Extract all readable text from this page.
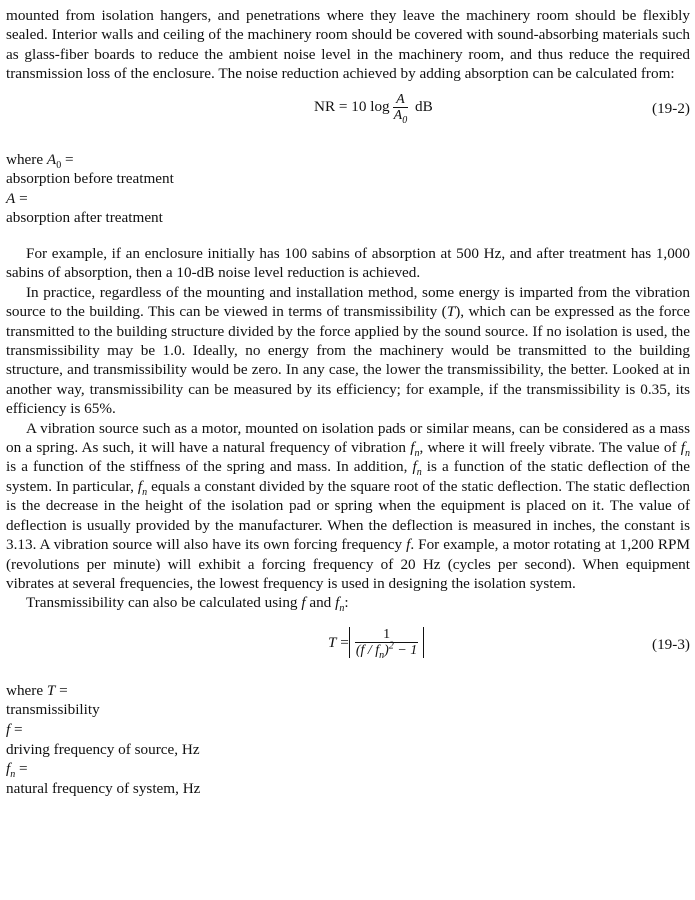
mounted from isolation hangers, and penetrations where they leave the machinery room should be flexibly sealed. Interior walls and ceiling of the machinery room should be covered with sound-absorbing materials such as glass-fiber boards to reduce the ambient noise level in the machinery room, and thus reduce the required transmission loss of the enclosure. The noise reduction achieved by adding absorption can be calculated from:

NR = 10 $\log \frac{A}{A_0}$ dB	(19-2)

where $A_0$ =

absorption before treatment

A =

absorption after treatment

For example, if an enclosure initially has 100 sabins of absorption at 500 Hz, and after treatment has 1,000 sabins of absorption, then a 10-dB noise level reduction is achieved.

In practice, regardless of the mounting and installation method, some energy is imparted from the vibration source to the building. This can be viewed in terms of transmissibility (T), which can be expressed as the force transmitted to the building structure divided by the force applied by the sound source. If no isolation is used, the transmissibility may be 1.0. Ideally, no energy from the machinery would be transmitted to the building structure, and transmissibility would be zero. In any case, the lower the transmissibility, the better. Looked at in another way, transmissibility can be measured by its efficiency; for example, if the transmissibility is 0.35, its efficiency is 65%.

A vibration source such as a motor, mounted on isolation pads or similar means, can be considered as a mass on a spring. As such, it will have a natural frequency of vibration $f_n$, where it will freely vibrate. The value of $f_n$ is a function of the stiffness of the spring and mass. In addition, $f_n$ is a function of the static deflection of the system. In particular, $f_n$ equals a constant divided by the square root of the static deflection. The static deflection is the decrease in the height of the isolation pad or spring when the equipment is placed on it. The value of deflection is usually provided by the manufacturer. When the deflection is measured in inches, the constant is 3.13. A vibration source will also have its own forcing frequency f. For example, a motor rotating at 1,200 RPM (revolutions per minute) will exhibit a forcing frequency of 20 Hz (cycles per second). When equipment vibrates at several frequencies, the lowest frequency is used in designing the isolation system.

Transmissibility can also be calculated using f and $f_n$:

$T = \frac{1}{(f / f_n)^2 - 1}$	(19-3)

where T =

transmissibility

f =

driving frequency of source, Hz

$f_n$ =

natural frequency of system, Hz
